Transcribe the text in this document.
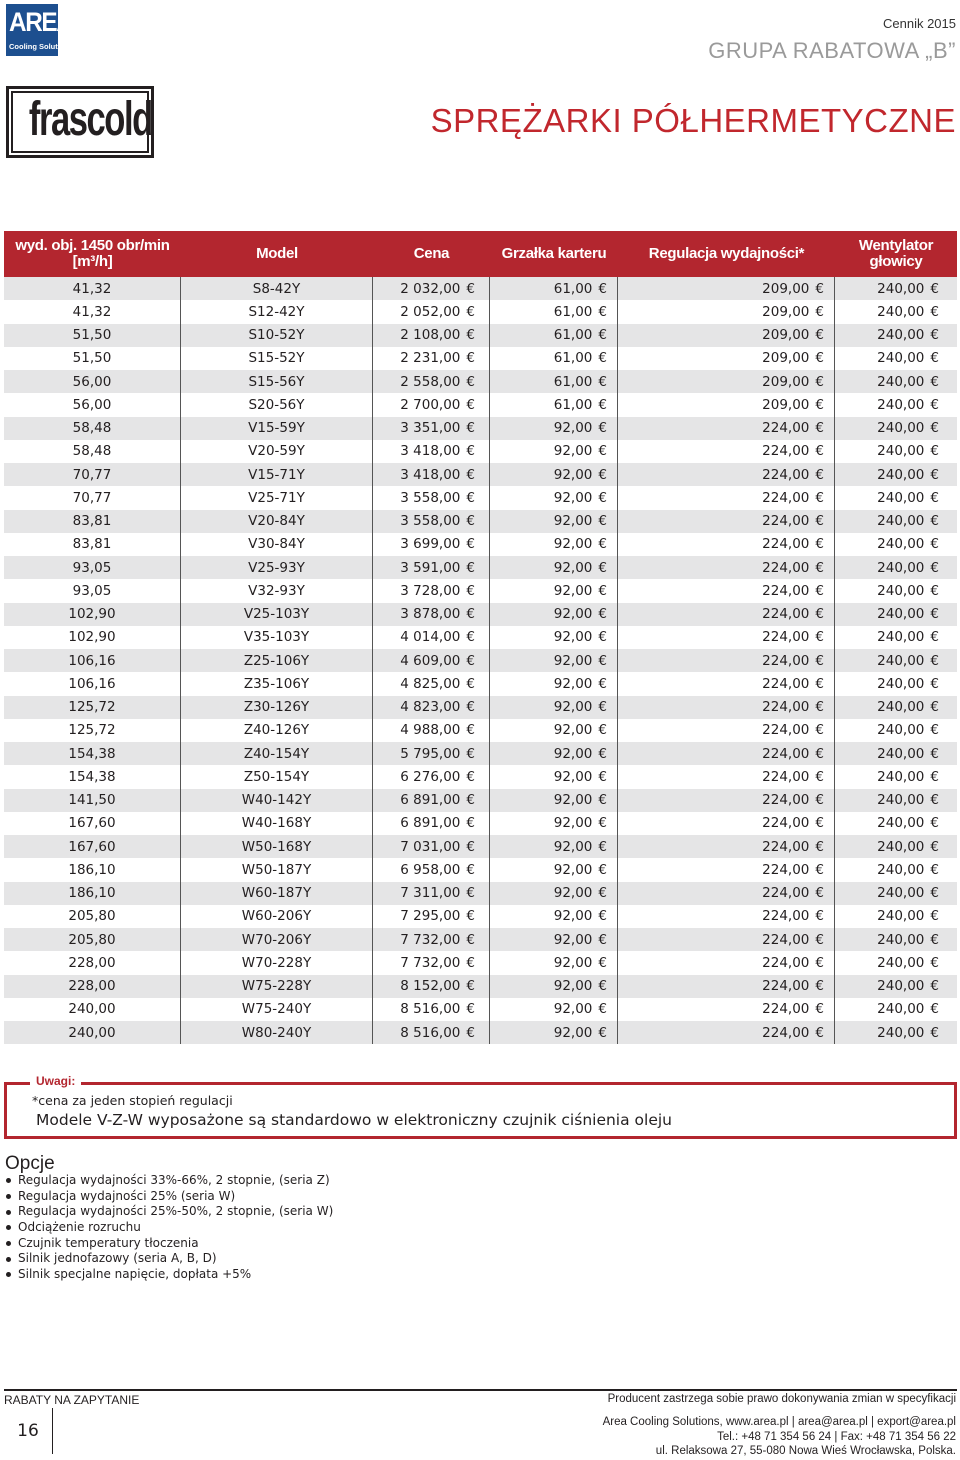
AREA
Cooling Solutions
frascold
Cennik 2015
GRUPA RABATOWA „B”
SPRĘŻARKI PÓŁHERMETYCZNE
wyd. obj. 1450 obr/min [m³/h]	Model	Cena	Grzałka karteru	Regulacja wydajności*	Wentylator głowicy
41,32	S8-42Y	2 032,00 €	61,00 €	209,00 €	240,00 €
41,32	S12-42Y	2 052,00 €	61,00 €	209,00 €	240,00 €
51,50	S10-52Y	2 108,00 €	61,00 €	209,00 €	240,00 €
51,50	S15-52Y	2 231,00 €	61,00 €	209,00 €	240,00 €
56,00	S15-56Y	2 558,00 €	61,00 €	209,00 €	240,00 €
56,00	S20-56Y	2 700,00 €	61,00 €	209,00 €	240,00 €
58,48	V15-59Y	3 351,00 €	92,00 €	224,00 €	240,00 €
58,48	V20-59Y	3 418,00 €	92,00 €	224,00 €	240,00 €
70,77	V15-71Y	3 418,00 €	92,00 €	224,00 €	240,00 €
70,77	V25-71Y	3 558,00 €	92,00 €	224,00 €	240,00 €
83,81	V20-84Y	3 558,00 €	92,00 €	224,00 €	240,00 €
83,81	V30-84Y	3 699,00 €	92,00 €	224,00 €	240,00 €
93,05	V25-93Y	3 591,00 €	92,00 €	224,00 €	240,00 €
93,05	V32-93Y	3 728,00 €	92,00 €	224,00 €	240,00 €
102,90	V25-103Y	3 878,00 €	92,00 €	224,00 €	240,00 €
102,90	V35-103Y	4 014,00 €	92,00 €	224,00 €	240,00 €
106,16	Z25-106Y	4 609,00 €	92,00 €	224,00 €	240,00 €
106,16	Z35-106Y	4 825,00 €	92,00 €	224,00 €	240,00 €
125,72	Z30-126Y	4 823,00 €	92,00 €	224,00 €	240,00 €
125,72	Z40-126Y	4 988,00 €	92,00 €	224,00 €	240,00 €
154,38	Z40-154Y	5 795,00 €	92,00 €	224,00 €	240,00 €
154,38	Z50-154Y	6 276,00 €	92,00 €	224,00 €	240,00 €
141,50	W40-142Y	6 891,00 €	92,00 €	224,00 €	240,00 €
167,60	W40-168Y	6 891,00 €	92,00 €	224,00 €	240,00 €
167,60	W50-168Y	7 031,00 €	92,00 €	224,00 €	240,00 €
186,10	W50-187Y	6 958,00 €	92,00 €	224,00 €	240,00 €
186,10	W60-187Y	7 311,00 €	92,00 €	224,00 €	240,00 €
205,80	W60-206Y	7 295,00 €	92,00 €	224,00 €	240,00 €
205,80	W70-206Y	7 732,00 €	92,00 €	224,00 €	240,00 €
228,00	W70-228Y	7 732,00 €	92,00 €	224,00 €	240,00 €
228,00	W75-228Y	8 152,00 €	92,00 €	224,00 €	240,00 €
240,00	W75-240Y	8 516,00 €	92,00 €	224,00 €	240,00 €
240,00	W80-240Y	8 516,00 €	92,00 €	224,00 €	240,00 €
Uwagi:
*cena za jeden stopień regulacji
Modele V-Z-W wyposażone są standardowo w elektroniczny czujnik ciśnienia oleju
Opcje
Regulacja wydajności 33%-66%, 2 stopnie, (seria Z)
Regulacja wydajności 25% (seria W)
Regulacja wydajności 25%-50%, 2 stopnie, (seria W)
Odciążenie rozruchu
Czujnik temperatury tłoczenia
Silnik jednofazowy (seria A, B, D)
Silnik specjalne napięcie, dopłata +5%
RABATY NA ZAPYTANIE
16
Producent zastrzega sobie prawo dokonywania zmian w specyfikacji
Area Cooling Solutions, www.area.pl | area@area.pl | export@area.pl
Tel.: +48 71 354 56 24 | Fax: +48 71 354 56 22
ul. Relaksowa 27, 55-080 Nowa Wieś Wrocławska, Polska.
